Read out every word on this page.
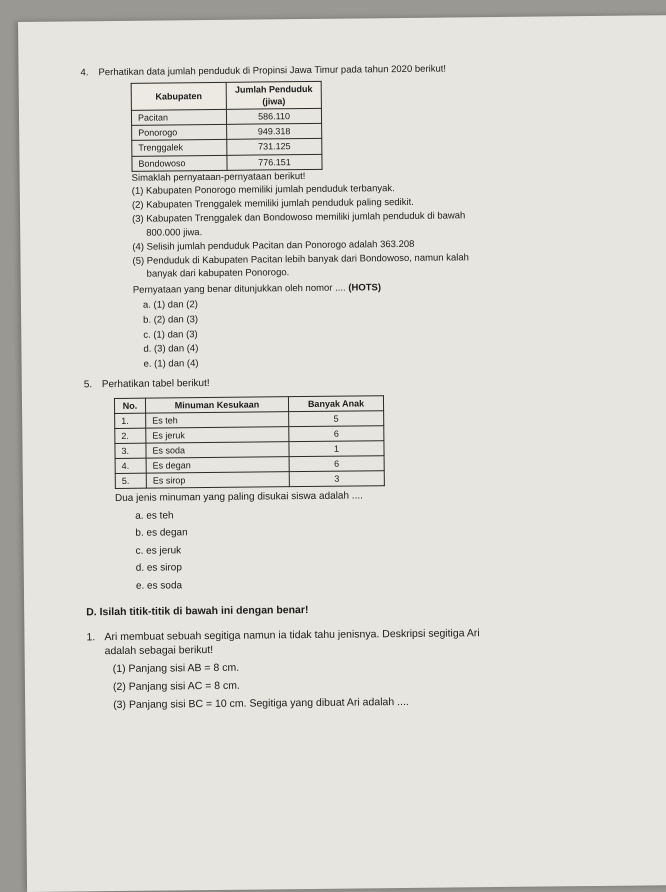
4.	Perhatikan data jumlah penduduk di Propinsi Jawa Timur pada tahun 2020 berikut!
Kabupaten	Jumlah Penduduk (jiwa)
Pacitan	586.110
Ponorogo	949.318
Trenggalek	731.125
Bondowoso	776.151
Simaklah pernyataan-pernyataan berikut!
(1) Kabupaten Ponorogo memiliki jumlah penduduk terbanyak.
(2) Kabupaten Trenggalek memiliki jumlah penduduk paling sedikit.
(3) Kabupaten Trenggalek dan Bondowoso memiliki jumlah penduduk di bawah
800.000 jiwa.
(4) Selisih jumlah penduduk Pacitan dan Ponorogo adalah 363.208
(5) Penduduk di Kabupaten Pacitan lebih banyak dari Bondowoso, namun kalah
banyak dari kabupaten Ponorogo.
Pernyataan yang benar ditunjukkan oleh nomor .... (HOTS)
a. (1) dan (2)
b. (2) dan (3)
c. (1) dan (3)
d. (3) dan (4)
e. (1) dan (4)
5. Perhatikan tabel berikut!
No.	Minuman Kesukaan	Banyak Anak
1.	Es teh	5
2.	Es jeruk	6
3.	Es soda	1
4.	Es degan	6
5.	Es sirop	3
Dua jenis minuman yang paling disukai siswa adalah ....
a. es teh
b. es degan
c. es jeruk
d. es sirop
e. es soda
D. Isilah titik-titik di bawah ini dengan benar!
1. Ari membuat sebuah segitiga namun ia tidak tahu jenisnya. Deskripsi segitiga Ari
adalah sebagai berikut!
(1) Panjang sisi AB = 8 cm.
(2) Panjang sisi AC = 8 cm.
(3) Panjang sisi BC = 10 cm. Segitiga yang dibuat Ari adalah ....
